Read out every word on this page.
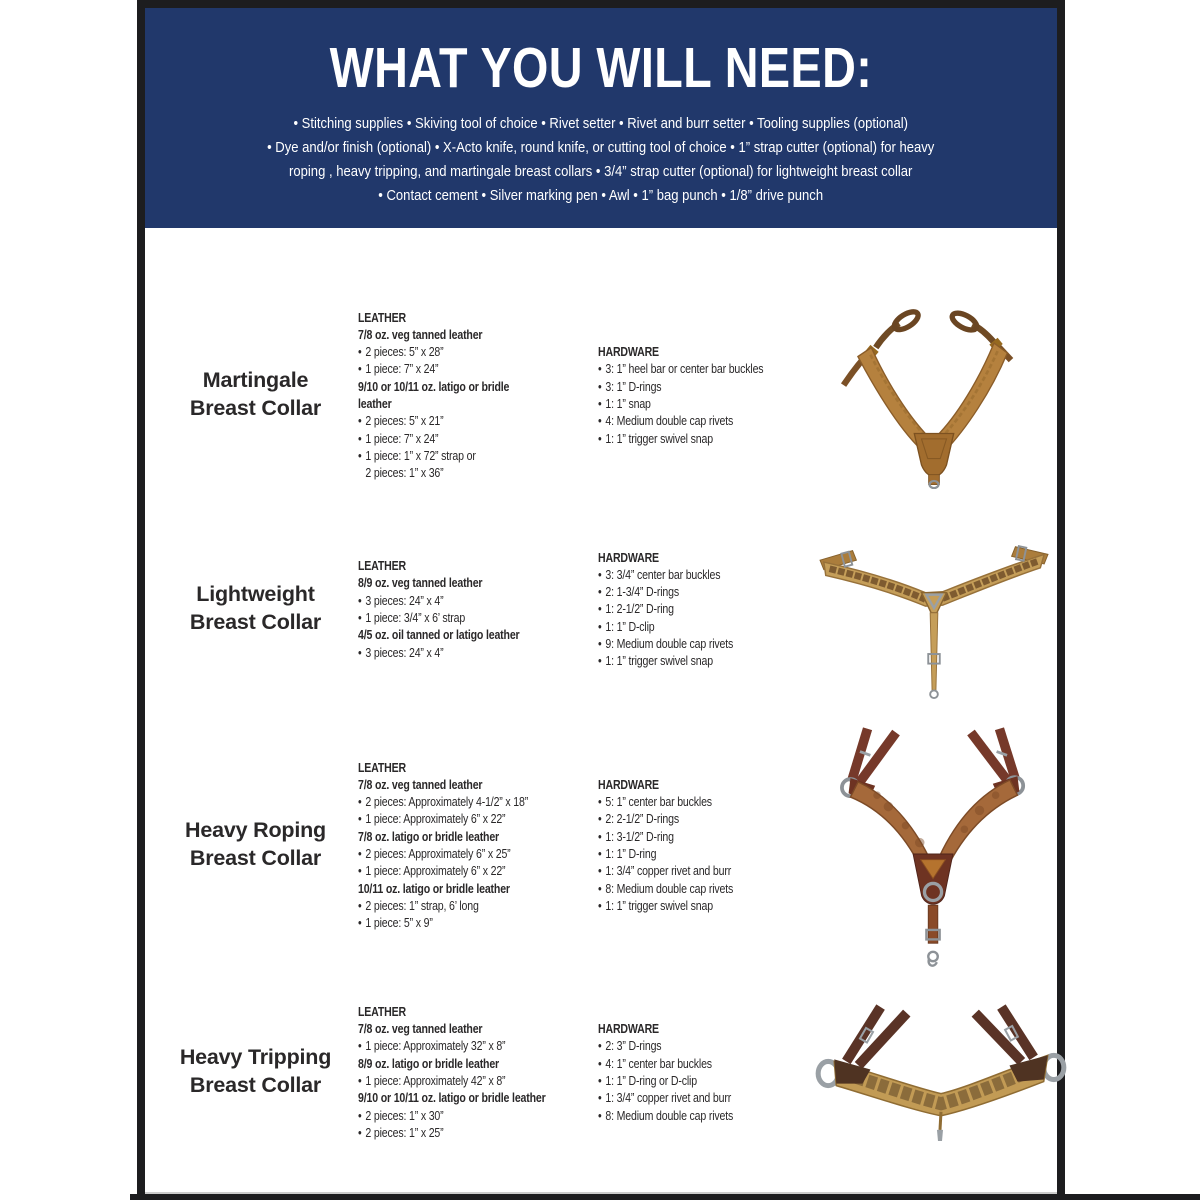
WHAT YOU WILL NEED:
• Stitching supplies • Skiving tool of choice • Rivet setter • Rivet and burr setter • Tooling supplies (optional)
• Dye and/or finish (optional) • X-Acto knife, round knife, or cutting tool of choice • 1” strap cutter (optional) for heavy
roping , heavy tripping, and martingale breast collars • 3/4” strap cutter (optional) for lightweight breast collar
• Contact cement • Silver marking pen • Awl • 1” bag punch • 1/8” drive punch
Martingale
Breast Collar
LEATHER
7/8 oz. veg tanned leather
• 2 pieces: 5” x 28”
• 1 piece: 7” x 24”
9/10 or 10/11 oz. latigo or bridle
leather
• 2 pieces: 5” x 21”
• 1 piece: 7” x 24”
• 1 piece: 1” x 72” strap or
2 pieces: 1” x 36”
HARDWARE
• 3: 1” heel bar or center bar buckles
• 3: 1” D-rings
• 1: 1” snap
• 4: Medium double cap rivets
• 1: 1” trigger swivel snap
Lightweight
Breast Collar
LEATHER
8/9 oz. veg tanned leather
• 3 pieces: 24” x 4”
• 1 piece: 3/4” x 6’ strap
4/5 oz. oil tanned or latigo leather
• 3 pieces: 24” x 4”
HARDWARE
• 3: 3/4” center bar buckles
• 2: 1-3/4” D-rings
• 1: 2-1/2” D-ring
• 1: 1” D-clip
• 9: Medium double cap rivets
• 1: 1” trigger swivel snap
Heavy Roping
Breast Collar
LEATHER
7/8 oz. veg tanned leather
• 2 pieces: Approximately 4-1/2” x 18”
• 1 piece: Approximately 6” x 22”
7/8 oz. latigo or bridle leather
• 2 pieces: Approximately 6” x 25”
• 1 piece: Approximately 6” x 22”
10/11 oz. latigo or bridle leather
• 2 pieces: 1” strap, 6’ long
• 1 piece: 5” x 9”
HARDWARE
• 5: 1” center bar buckles
• 2: 2-1/2” D-rings
• 1: 3-1/2” D-ring
• 1: 1” D-ring
• 1: 3/4” copper rivet and burr
• 8: Medium double cap rivets
• 1: 1” trigger swivel snap
Heavy Tripping
Breast Collar
LEATHER
7/8 oz. veg tanned leather
• 1 piece: Approximately 32” x 8”
8/9 oz. latigo or bridle leather
• 1 piece: Approximately 42” x 8”
9/10 or 10/11 oz. latigo or bridle leather
• 2 pieces: 1” x 30”
• 2 pieces: 1” x 25”
HARDWARE
• 2: 3” D-rings
• 4: 1” center bar buckles
• 1: 1” D-ring or D-clip
• 1: 3/4” copper rivet and burr
• 8: Medium double cap rivets
